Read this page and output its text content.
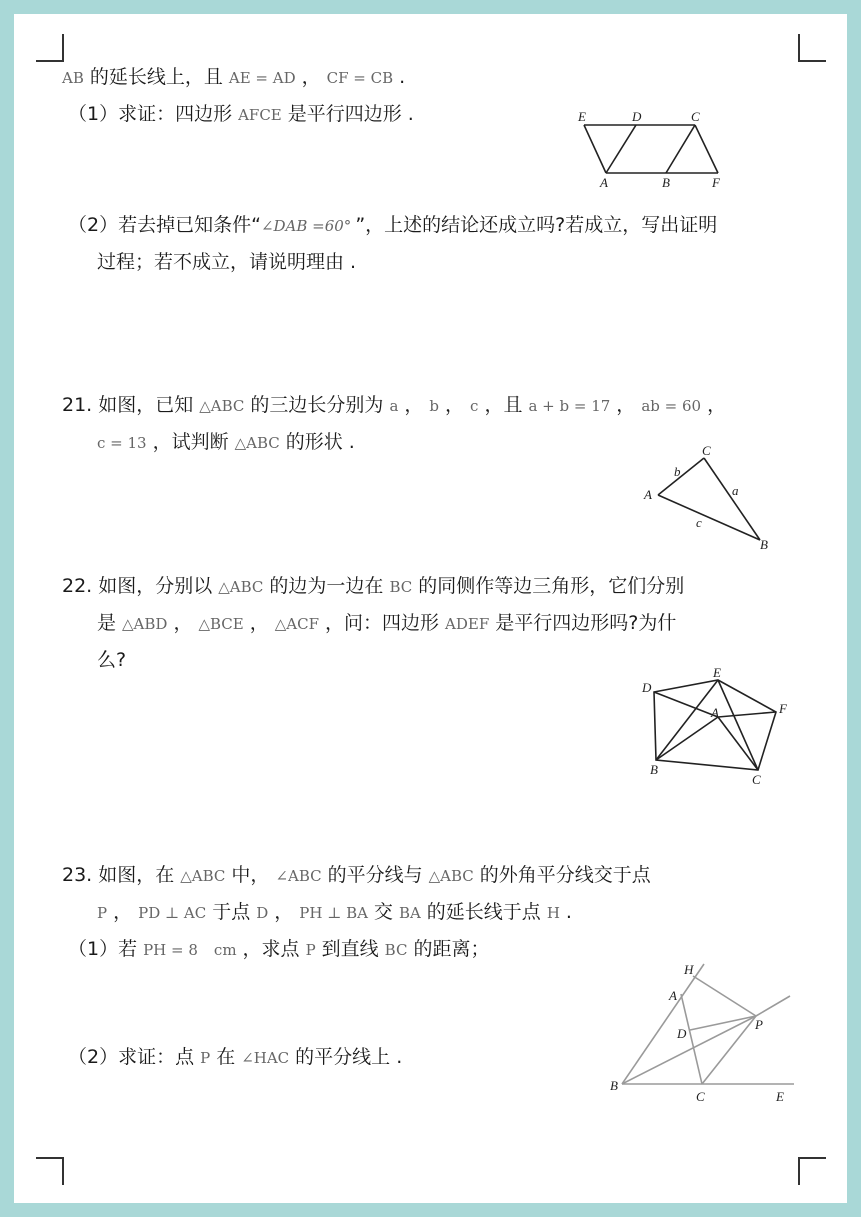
AB 的延长线上，且 AE = AD ， CF = CB .
（1）求证：四边形 AFCE 是平行四边形 .
（2）若去掉已知条件“∠DAB =60° ”，上述的结论还成立吗?若成立，写出证明
过程；若不成立，请说明理由 .
E	D	C
A	B	F
21. 如图，已知 △ABC 的三边长分别为 a ， b ， c ，且 a + b = 17 ， ab = 60 ，
c = 13 ，试判断 △ABC 的形状 .	C
b
a
A
c
B
22. 如图，分别以 △ABC 的边为一边在 BC 的同侧作等边三角形，它们分别
是 △ABD ， △BCE ， △ACF ，问：四边形 ADEF 是平行四边形吗?为什
么?
D
E
F
A
B
C
23. 如图，在 △ABC 中， ∠ABC 的平分线与 △ABC 的外角平分线交于点
P ， PD ⊥ AC 于点 D ， PH ⊥ BA 交 BA 的延长线于点 H .
（1）若 PH = 8 cm ，求点 P 到直线 BC 的距离；
（2）求证：点 P 在 ∠HAC 的平分线上 .
H
A
D
P
B
C	E
